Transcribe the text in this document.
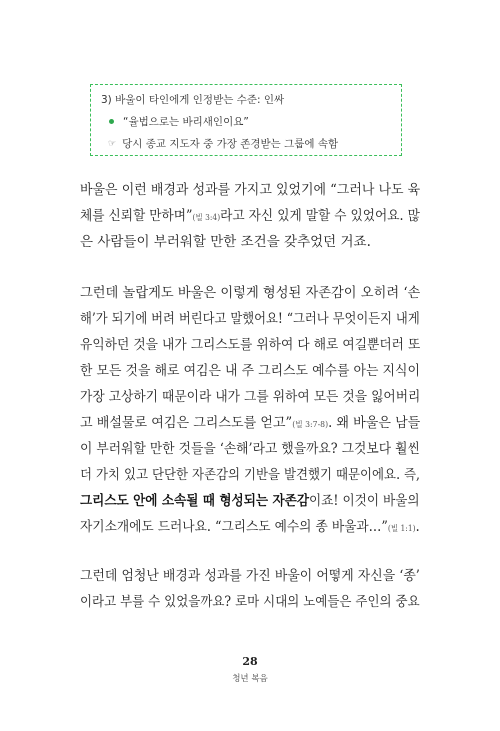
3) 바울이 타인에게 인정받는 수준: 인싸
“율법으로는 바리새인이요”
☞ 당시 종교 지도자 중 가장 존경받는 그룹에 속함
바울은 이런 배경과 성과를 가지고 있었기에 “그러나 나도 육
체를 신뢰할 만하며”(빌 3:4)라고 자신 있게 말할 수 있었어요. 많
은 사람들이 부러워할 만한 조건을 갖추었던 거죠.
그런데 놀랍게도 바울은 이렇게 형성된 자존감이 오히려 ‘손
해’가 되기에 버려 버린다고 말했어요! “그러나 무엇이든지 내게
유익하던 것을 내가 그리스도를 위하여 다 해로 여길뿐더러 또
한 모든 것을 해로 여김은 내 주 그리스도 예수를 아는 지식이
가장 고상하기 때문이라 내가 그를 위하여 모든 것을 잃어버리
고 배설물로 여김은 그리스도를 얻고”(빌 3:7-8). 왜 바울은 남들
이 부러워할 만한 것들을 ‘손해’라고 했을까요? 그것보다 훨씬
더 가치 있고 단단한 자존감의 기반을 발견했기 때문이에요. 즉,
그리스도 안에 소속될 때 형성되는 자존감이죠! 이것이 바울의
자기소개에도 드러나요. “그리스도 예수의 종 바울과…”(빌 1:1).
그런데 엄청난 배경과 성과를 가진 바울이 어떻게 자신을 ‘종’
이라고 부를 수 있었을까요? 로마 시대의 노예들은 주인의 중요
28
청년 복음
